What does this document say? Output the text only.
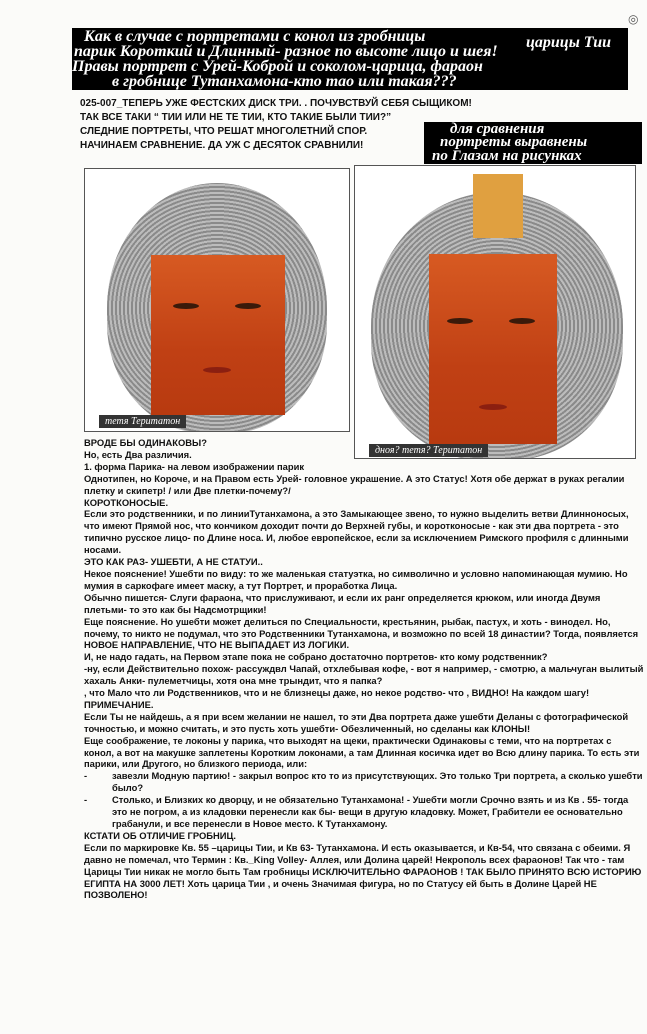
◎
Как в случае с портретами с конол из гробницы	царицы Тии
парик Короткий и Длинный- разное по высоте лицо и шея!
Правы портрет с Урей-Коброй и соколом-царица, фараон
в гробнице Тутанхамона-кто тао или такая???
025-007_ТЕПЕРЬ УЖЕ ФЕСТСКИХ ДИСК ТРИ. . ПОЧУВСТВУЙ СЕБЯ СЫЩИКОМ!
ТАК ВСЕ ТАКИ “ ТИИ ИЛИ НЕ ТЕ ТИИ, КТО ТАКИЕ БЫЛИ ТИИ?”
СЛЕДНИЕ ПОРТРЕТЫ, ЧТО РЕШАТ МНОГОЛЕТНИЙ СПОР.
НАЧИНАЕМ СРАВНЕНИЕ. ДА УЖ С ДЕСЯТОК СРАВНИЛИ!
для сравнения
портреты выравнены
по Глазам на рисунках
тетя Теритатон
дноя? тетя? Теритатон

ВРОДЕ БЫ ОДИНАКОВЫ?

Но, есть Два различия.

1. форма Парика- на левом изображении парик

Однотипен, но Короче, и на Правом есть Урей- головное украшение. А это Статус! Хотя обе держат в руках регалии плетку и скипетр! / или Две плетки-почему?/

КОРОТКОНОСЫЕ.

Если это родственники, и по линииТутанхамона, а это Замыкающее звено, то нужно выделить ветви Длинноносых, что имеют Прямой нос, что кончиком доходит почти до Верхней губы, и коротконосые - как эти два портрета - это типично русское лицо- по Длине носа. И, любое европейское, если за исключением Римского профиля с длинными носами.

ЭТО КАК РАЗ- УШЕБТИ, А НЕ СТАТУИ..

Некое пояснение! Ушебти по виду: то же маленькая статуэтка, но символично и условно напоминающая мумию. Но мумия в саркофаге имеет маску, а тут Портрет, и проработка Лица.

Обычно пишется- Слуги фараона, что прислуживают, и если их ранг определяется крюком, или иногда Двумя плетьми- то это как бы Надсмотрщики!

Еще пояснение. Но ушебти может делиться по Специальности, крестьянин, рыбак, пастух, и хоть - винодел. Но, почему, то никто не подумал, что это Родственники Тутанхамона, и возможно по всей 18 династии? Тогда, появляется

НОВОЕ НАПРАВЛЕНИЕ, ЧТО НЕ ВЫПАДАЕТ ИЗ ЛОГИКИ.

И, не надо гадать, на Первом этапе пока не собрано достаточно портретов- кто кому родственник?

-ну, если Действительно похож- рассуждвл Чапай, отхлебывая кофе, - вот я например, - смотрю, а мальчуган вылитый хахаль Анки- пулеметчицы, хотя она мне трындит, что я папка?

, что Мало что ли Родственников, что и не близнецы даже, но некое родство- что , ВИДНО! На каждом шагу!

ПРИМЕЧАНИЕ.

Если Ты не найдешь, а я при всем желании не нашел, то эти Два портрета даже ушебти Деланы с фотографической точностью, и можно считать, и это пусть хоть ушебти- Обезличенный, но сделаны как КЛОНЫ!

Еще соображение, те локоны у парика, что выходят на щеки, практически Одинаковы с теми, что на портретах с конол, а вот на макушке заплетены Коротким локонами, а там Длинная косичка идет во Всю длину парика. То есть эти парики, или Другого, но близкого периода, или:

-	завезли Модную партию! - закрыл вопрос кто то из присутствующих. Это только Три портрета, а сколько ушебти было?
-	Столько, и Близких ко дворцу, и не обязательно Тутанхамона! - Ушебти могли Срочно взять и из Кв . 55- тогда это не погром, а из кладовки перенесли как бы- вещи в другую кладовку. Может, Грабители ее основательно грабанули, и все перенесли в Новое место. К Тутанхамону.

КСТАТИ ОБ ОТЛИЧИЕ ГРОБНИЦ.

Если по маркировке Кв. 55 –царицы Тии, и Кв 63- Тутанхамона. И есть оказывается, и Кв-54, что связана с обеими. Я давно не помечал, что Термин : Кв._King Volley- Аллея, или Долина царей! Некрополь всех фараонов! Так что - там Царицы Тии никак не могло быть Там гробницы ИСКЛЮЧИТЕЛЬНО ФАРАОНОВ ! ТАК БЫЛО ПРИНЯТО ВСЮ ИСТОРИЮ ЕГИПТА НА 3000 ЛЕТ! Хоть царица Тии , и очень Значимая фигура, но по Статусу ей быть в Долине Царей НЕ ПОЗВОЛЕНО!
